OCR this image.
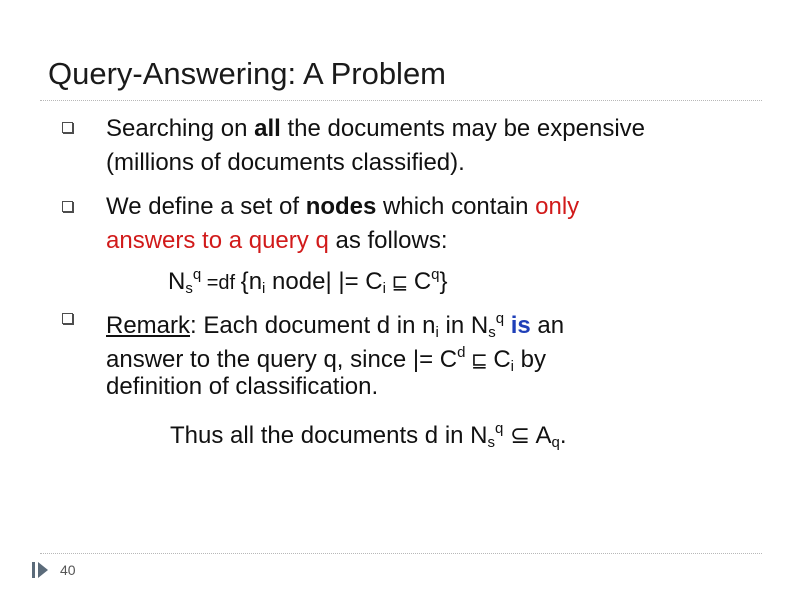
Query-Answering: A Problem
Searching on all the documents may be expensive
(millions of documents classified).
We define a set of nodes which contain only
answers to a query q as follows:
$N_s^q =df$ {$n_i$ node| |= $C_i$ ⊑ $C^q$}
Remark: Each document d in $n_i$ in $N_s^q$ is an
answer to the query q, since |= $C^d$ ⊑ $C_i$ by
definition of classification.
Thus all the documents d in $N_s^q$ ⊆ $A_q$.
40
